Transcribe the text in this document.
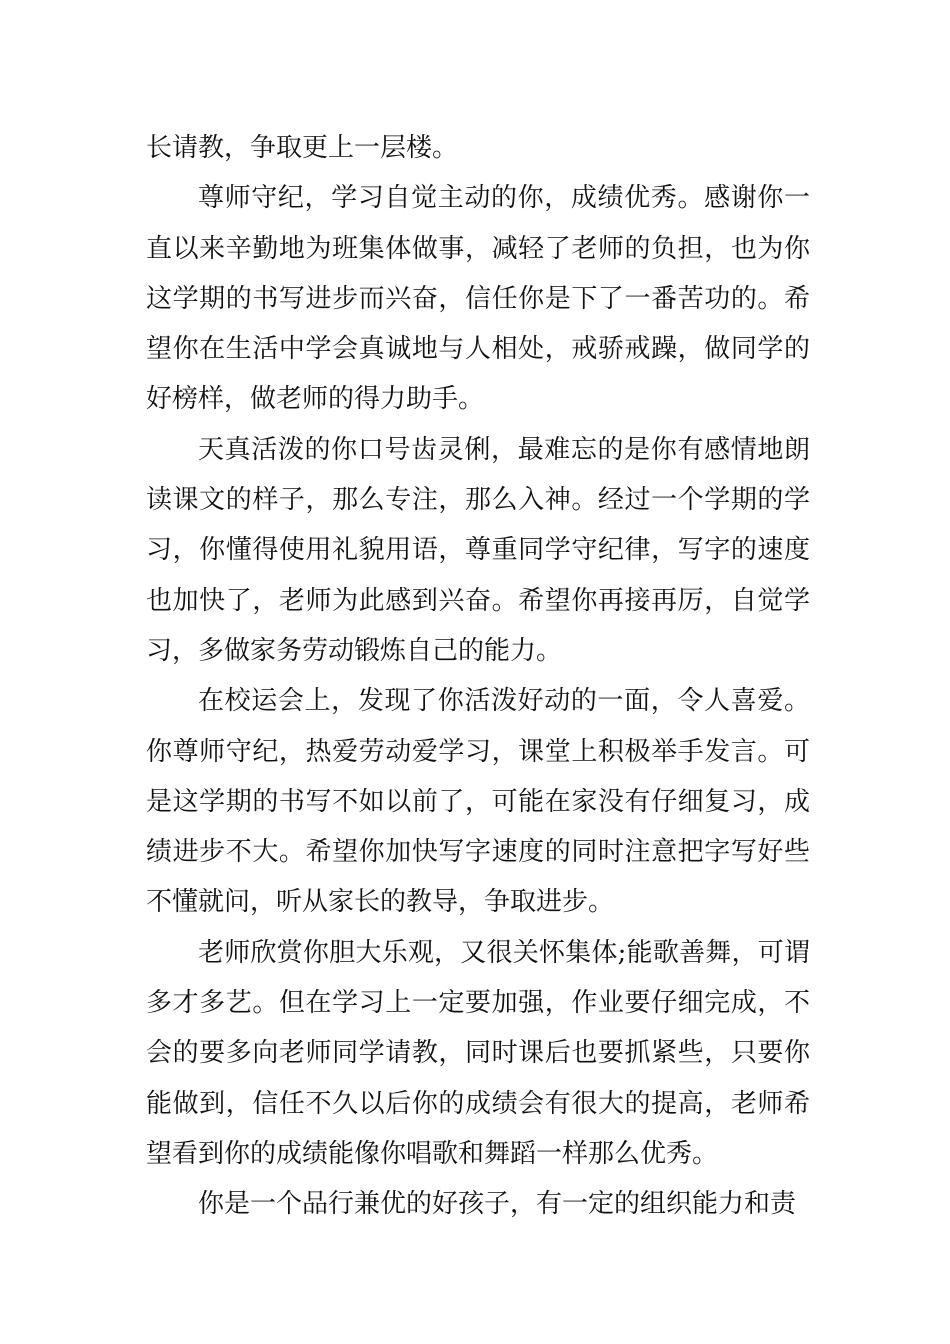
长请教，争取更上一层楼。

尊师守纪，学习自觉主动的你，成绩优秀。感谢你一直以来辛勤地为班集体做事，减轻了老师的负担，也为你这学期的书写进步而兴奋，信任你是下了一番苦功的。希望你在生活中学会真诚地与人相处，戒骄戒躁，做同学的好榜样，做老师的得力助手。

天真活泼的你口号齿灵俐，最难忘的是你有感情地朗读课文的样子，那么专注，那么入神。经过一个学期的学习，你懂得使用礼貌用语，尊重同学守纪律，写字的速度也加快了，老师为此感到兴奋。希望你再接再厉，自觉学习，多做家务劳动锻炼自己的能力。

在校运会上，发现了你活泼好动的一面，令人喜爱。你尊师守纪，热爱劳动爱学习，课堂上积极举手发言。可是这学期的书写不如以前了，可能在家没有仔细复习，成绩进步不大。希望你加快写字速度的同时注意把字写好些不懂就问，听从家长的教导，争取进步。

老师欣赏你胆大乐观，又很关怀集体;能歌善舞，可谓多才多艺。但在学习上一定要加强，作业要仔细完成，不会的要多向老师同学请教，同时课后也要抓紧些，只要你能做到，信任不久以后你的成绩会有很大的提高，老师希望看到你的成绩能像你唱歌和舞蹈一样那么优秀。

你是一个品行兼优的好孩子，有一定的组织能力和责
